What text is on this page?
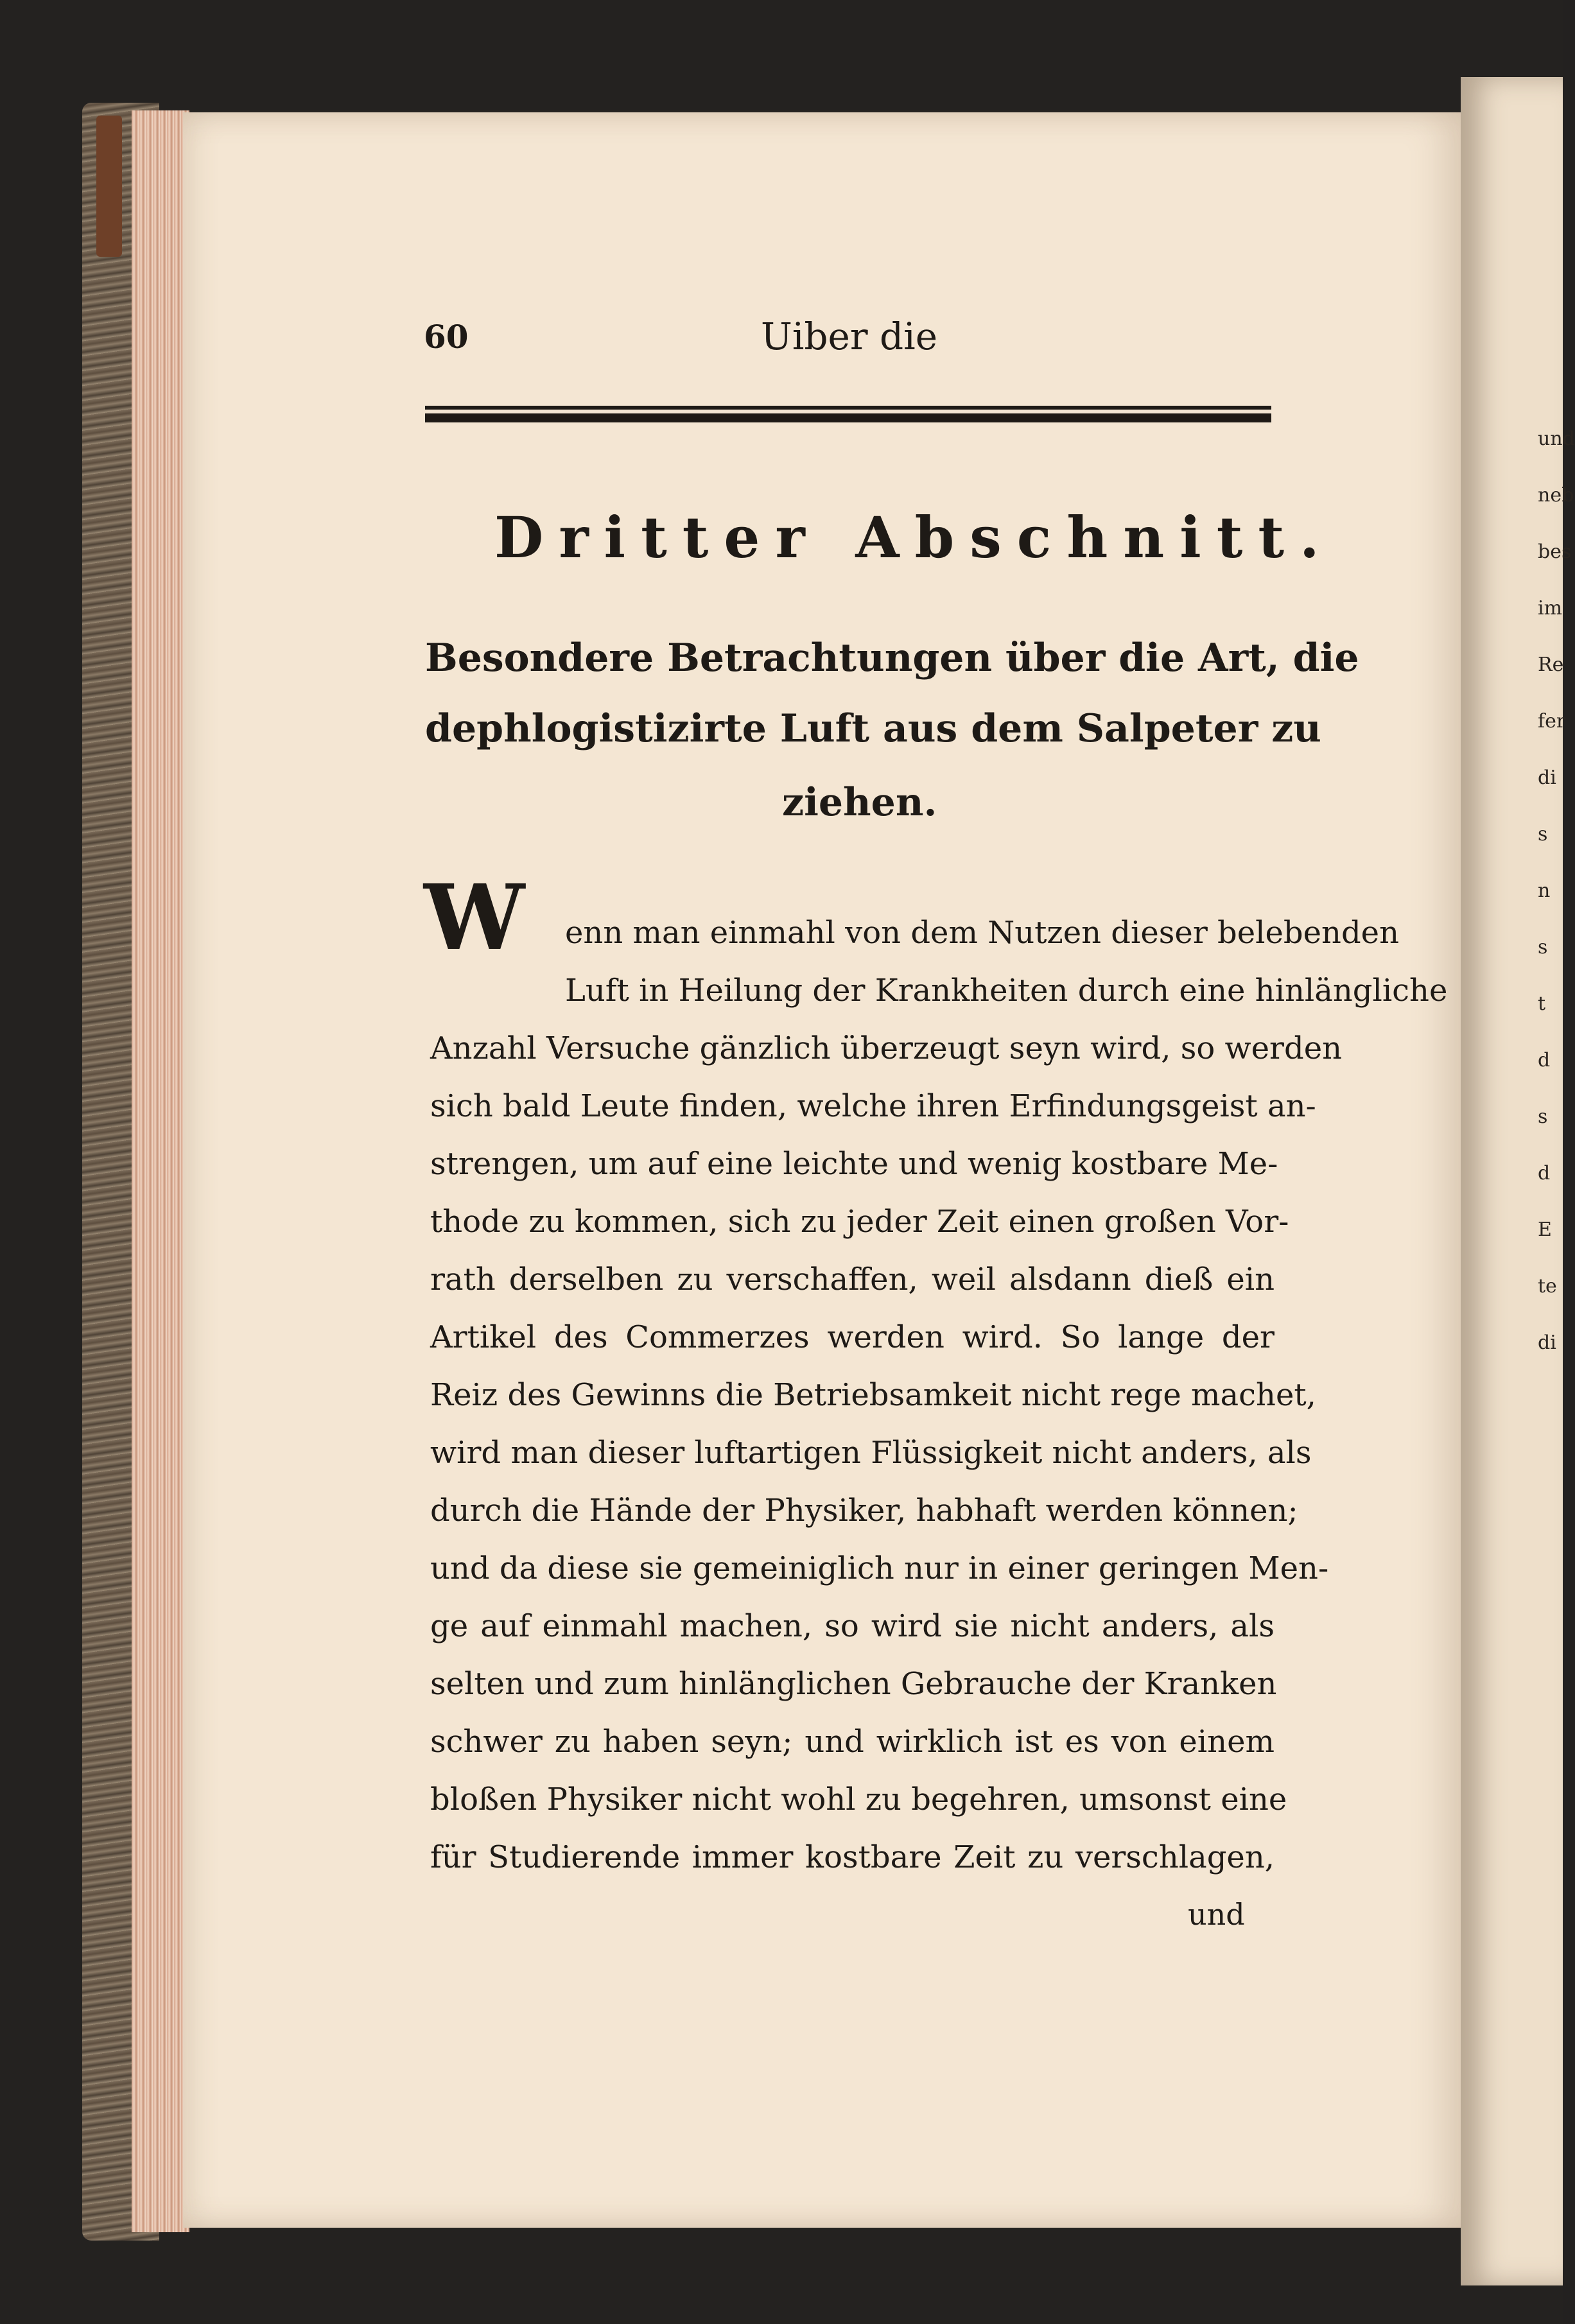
und
neb
bes
im
Re
fer
di
s
n
s
t
d
s
d
E
te
di
60	Uiber die
Dritter Abschnitt.
Besondere Betrachtungen über die Art, die
dephlogistizirte Luft aus dem Salpeter zu
ziehen.
W enn man einmahl von dem Nutzen dieser belebenden
Luft in Heilung der Krankheiten durch eine hinlängliche
Anzahl Versuche gänzlich überzeugt seyn wird, so werden
sich bald Leute finden, welche ihren Erfindungsgeist an-
strengen, um auf eine leichte und wenig kostbare Me-
thode zu kommen, sich zu jeder Zeit einen großen Vor-
rath derselben zu verschaffen, weil alsdann dieß ein
Artikel des Commerzes werden wird. So lange der
Reiz des Gewinns die Betriebsamkeit nicht rege machet,
wird man dieser luftartigen Flüssigkeit nicht anders, als
durch die Hände der Physiker, habhaft werden können;
und da diese sie gemeiniglich nur in einer geringen Men-
ge auf einmahl machen, so wird sie nicht anders, als
selten und zum hinlänglichen Gebrauche der Kranken
schwer zu haben seyn; und wirklich ist es von einem
bloßen Physiker nicht wohl zu begehren, umsonst eine
für Studierende immer kostbare Zeit zu verschlagen,
und
